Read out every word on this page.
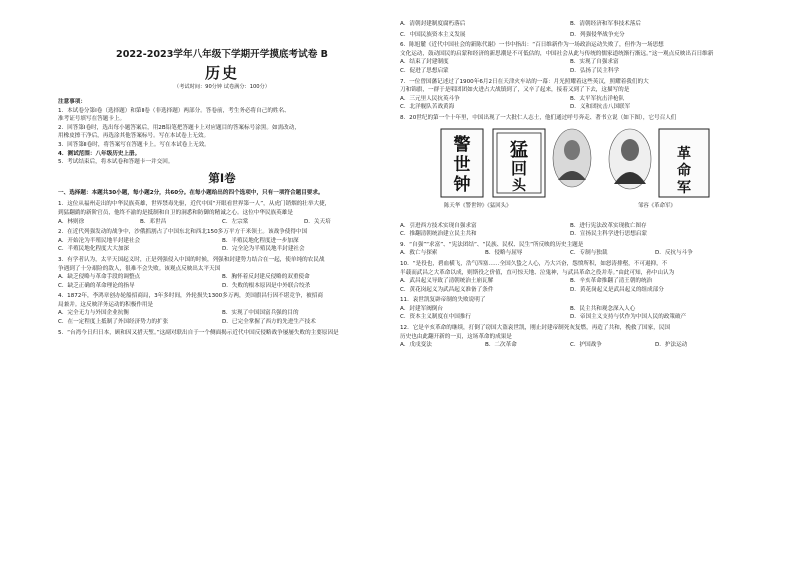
2022-2023学年八年级下学期开学摸底考试卷 B
历史
（考试时间：90分钟 试卷满分：100分）
注意事项：
1．本试卷分第Ⅰ卷（选择题）和第Ⅱ卷（非选择题）两部分。答卷前，考生务必将自己的姓名、
准考证号填写在答题卡上。
2．回答第Ⅰ卷时，选出每小题答案后，用2B铅笔把答题卡上对应题目的答案标号涂黑。如需改动，
用橡皮擦干净后，再选涂其他答案标号。写在本试卷上无效。
3．回答第Ⅱ卷时，将答案写在答题卡上。写在本试卷上无效。
4．测试范围：八年级历史上册。
5．考试结束后，将本试卷和答题卡一并交回。
第Ⅰ卷
一、选择题：本题共30小题，每小题2分，共60分。在每小题给出的四个选项中，只有一项符合题目要求。
1．这位从福州走出的中华民族英雄，世界禁毒先驱，近代中国“开眼看世界第一人”，从虎门销烟的壮举大捷，
到猛翻鹞的新阶官员，他终不渝的是抵制和自卫的洞悉和防御的精诚之心。这位中华民族英雄是
A．林则徐	B．邓世昌	C．左宗棠	D．关天培
2．在近代列强发动的战争中，沙俄抓割占了中国东北和西北150多万平方千米领土。该战争使得中国
A．开始沦为半殖民地半封建社会	B．半殖民地化程度进一步加深
C．半殖民地化程度大大加深	D．完全沦为半殖民地半封建社会
3．有学者认为，太平天国起义时，正是列强侵入中国的时候，列强和封建势力结合在一起，使单纯的农民战
争遇到了十分艰险的敌人，很难不会失败。该观点反映出太平天国
A．缺乏侵略与革命手段的调整点	B．胸怀着反封建反侵略的双重使命
C．缺乏正确的革命理论的指导	D．失败的根本原因是中外联合绞杀
4．1872年，李鸿章创办轮船招商局，3年多时间，外轮损失1300多万两，美国旗昌行因不堪竞争，被招商
局兼并。这反映洋务运动的积极作用是
A．完全无力与外国企业抗衡	B．实现了中国国富兵强的目的
C．在一定程度上抵制了外国经济势力的扩张	D．已完全掌握了西方的先进生产技术
5．“台湾今日归日本，顾和因又措天堑。”这副对联出自于一个侧面揭示近代中国反侵略战争屡屡失败的主要原因是
A．清朝封建制度腐朽落后	B．清朝经济和军事技术落后
C．中国民族资本主义发展	D．列强侵华战争充分
6．陈旭麓《近代中国社会的新陈代谢》一书中指出：“百日维新作为一场政治运动失败了，但作为一场思想
文化运动，鼓动国民的启蒙和经济的新思潮是不可低估的，中国社会从此与传统的儒家道统渐行渐远。”这一观点反映出百日维新
A．结束了封建制度	B．实现了自强求富
C．促进了思想启蒙	D．弘扬了民主科学
7．一位曾国藩记述过了1900年6月2日在天津火车站的一幕：月光照耀着这些英汉，照耀着我们的大
刀和锦旗，一群于是唱团团如火进占大战镇到了，又辛了起来，接着又到了下去，这描写的是
A．三元里人民抗英斗争	B．太平军抗击洋枪队
C．北洋舰队苦战黄海	D．义和团抗击八国联军
8．20世纪的第一个十年里，中国出现了一大批仁人志士，他们通过呼号奔走、著书立说（如下图），它号召人们
警
世
钟
猛
回
头
革
命
军
陈天华《警世钟》《猛回头》	邹容《革命军》
A．引进西方技术实现自强求富	B．进行宪法改革实现救亡图存
C．推翻清朝统治建立民主共和	D．宣扬民主科学进行思想启蒙
9．“自强”“求富”、“宪法团结”、“民族、民权、民生”所反映的历史主题是
A．救亡与探索	B．侵略与屈辱	C．专制与独裁	D．反抗与斗争
10．“是役也，碧血横飞，浩气四塞……全国久蛰之人心，乃大兴奋，怨愤所积，如怒涛排壑，不可遏抑，不
半载而武昌之大革命以成，则斯役之价值，直可惊天地、泣鬼神，与武昌革命之役并寿。”由此可知，孙中山认为
A．武昌起义导致了清朝统治土崩瓦解	B．辛亥革命推翻了清王朝的统治
C．黄花岗起义为武昌起义准备了条件	D．黄花岗起义是武昌起义的组成部分
11．袁世凯复辟帝制的失败说明了
A．封建军阀倒台	B．民主共和观念深入人心
C．资本主义制度在中国推行	D．帝国主义支持与伏作为中国人民的政策破产
12．它是辛亥革命的继续，打倒了窃国大盗袁世凯，刚止封建帝制死灰复燃，再造了共和，挽救了国家，民国
历史也由此翻开新的一页，这场革命的成果是
A．戊戌变法	B．二次革命	C．护国战争	D．护法运动
